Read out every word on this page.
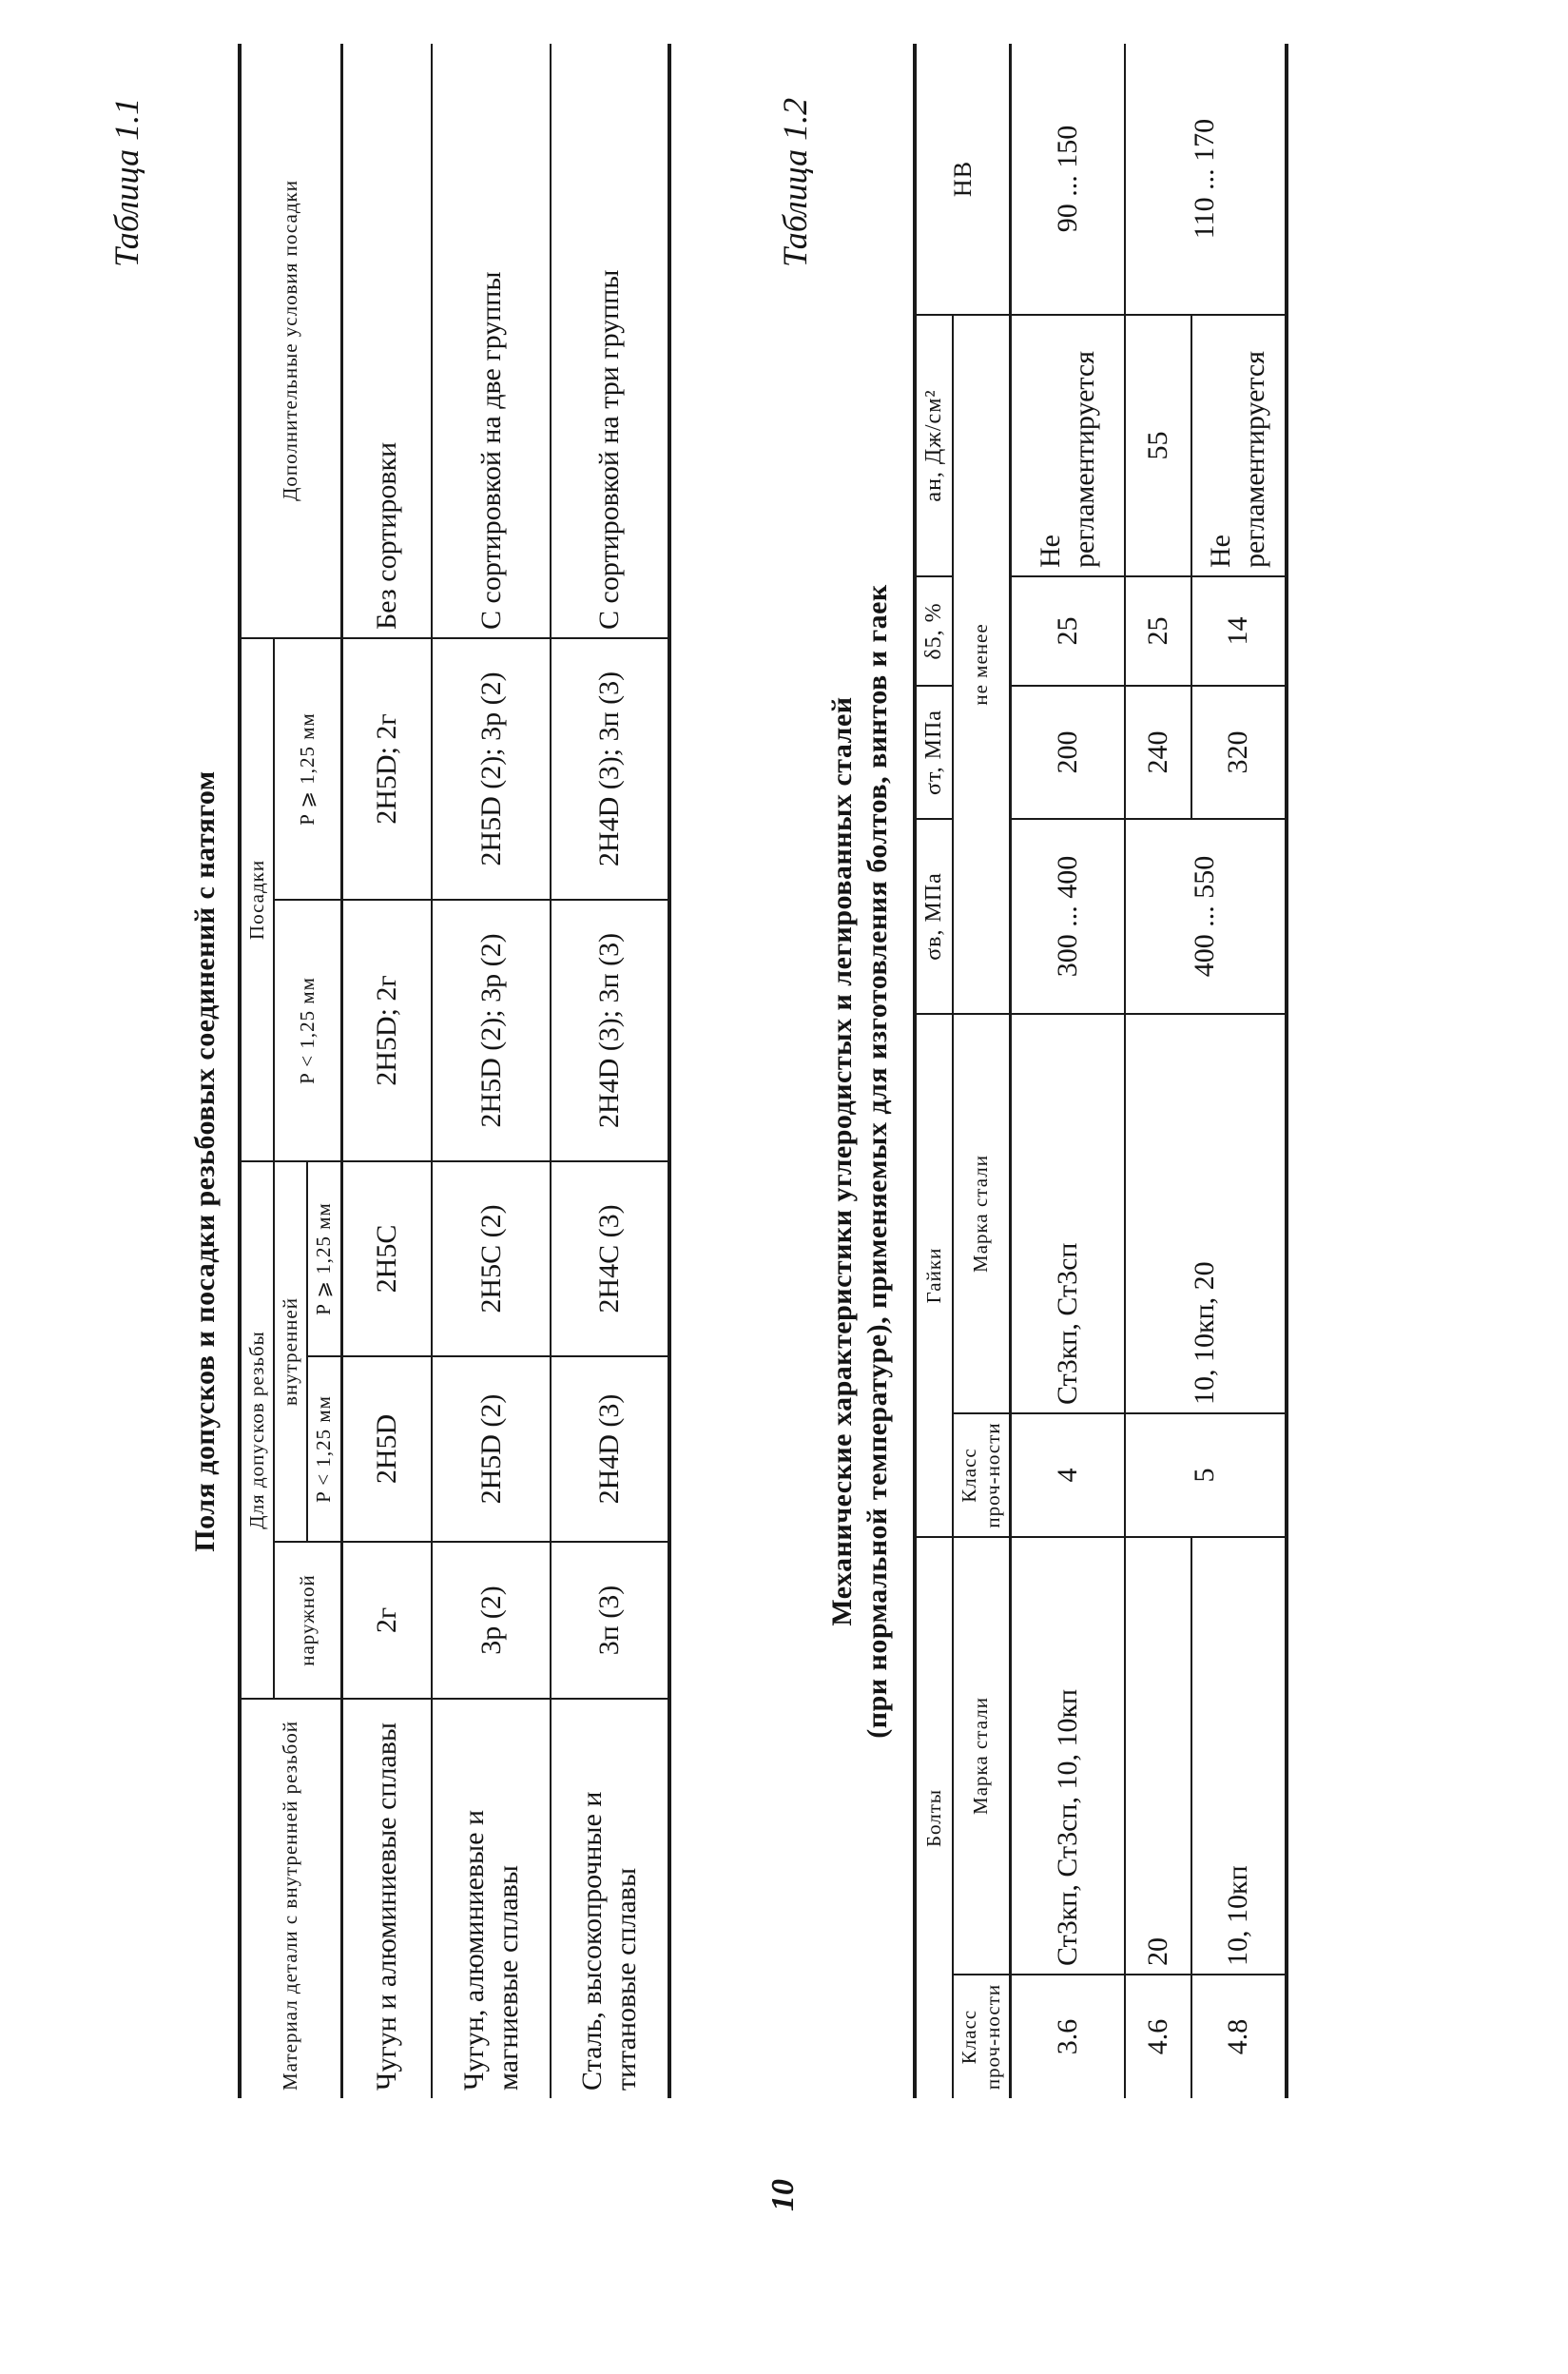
Таблица 1.1
Поля допусков и посадки резьбовых соединений с натягом
Материал детали с внутренней резьбой	Для допусков резьбы			Посадки		Дополнительные условия посадки
	наружной	внутренней		P < 1,25 мм	P ⩾ 1,25 мм	
		P < 1,25 мм	P ⩾ 1,25 мм			
Чугун и алюминиевые сплавы	2г	2H5D	2H5C	2H5D; 2г	2H5D; 2г	Без сортировки
Чугун, алюминиевые и магниевые сплавы	3р (2)	2H5D (2)	2H5C (2)	2H5D (2); 3р (2)	2H5D (2); 3р (2)	С сортировкой на две группы
Сталь, высокопрочные и титановые сплавы	3п (3)	2H4D (3)	2H4C (3)	2H4D (3); 3п (3)	2H4D (3); 3п (3)	С сортировкой на три группы
Таблица 1.2
Механические характеристики углеродистых и легированных сталей (при нормальной температуре), применяемых для изготовления болтов, винтов и гаек
Болты		Гайки		σв, МПа	σт, МПа	δ5, %	aн, Дж/см²	НВ
Класс проч-ности	Марка стали	Класс проч-ности	Марка стали	не менее				
3.6	Ст3кп, Ст3сп, 10, 10кп	4	Ст3кп, Ст3сп	300 ... 400	200	25	Не регламентируется	90 ... 150
4.6	20	5	10, 10кп, 20	400 ... 550	240	25	55	110 ... 170
4.8	10, 10кп				320	14	Не регламентируется	
10
